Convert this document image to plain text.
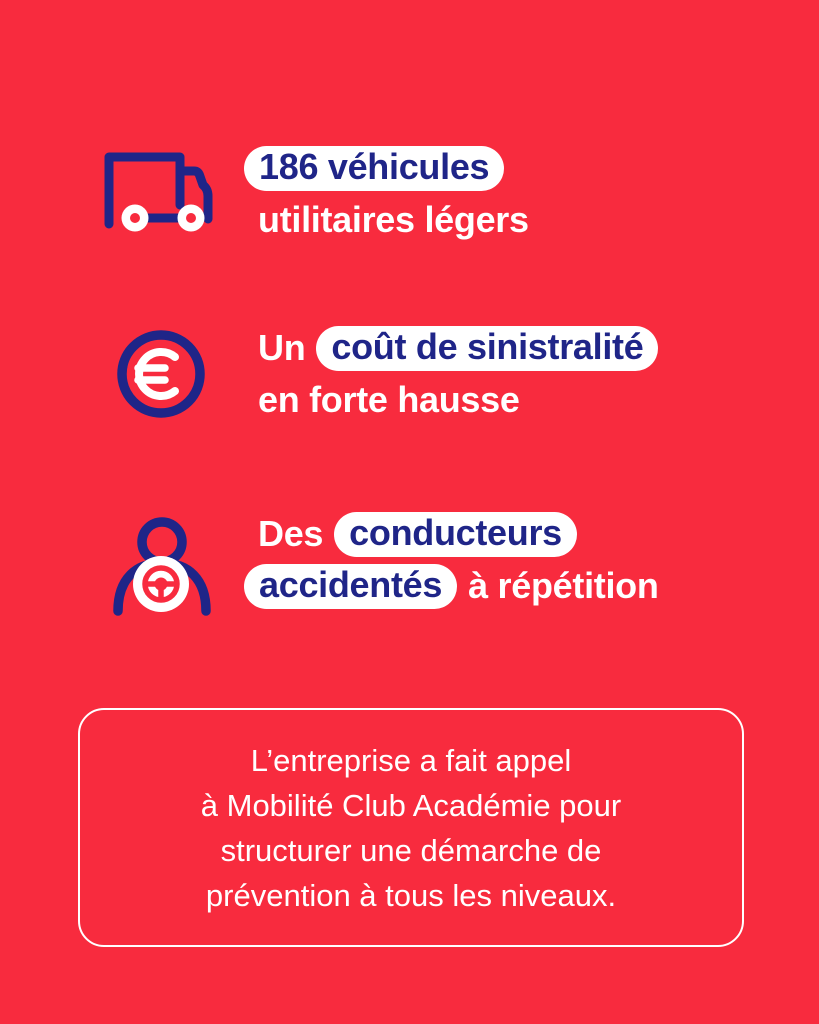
186 véhicules
utilitaires légers
Un coût de sinistralité
en forte hausse
Des conducteurs
accidentés à répétition
L’entreprise a fait appel
à Mobilité Club Académie pour
structurer une démarche de
prévention à tous les niveaux.
